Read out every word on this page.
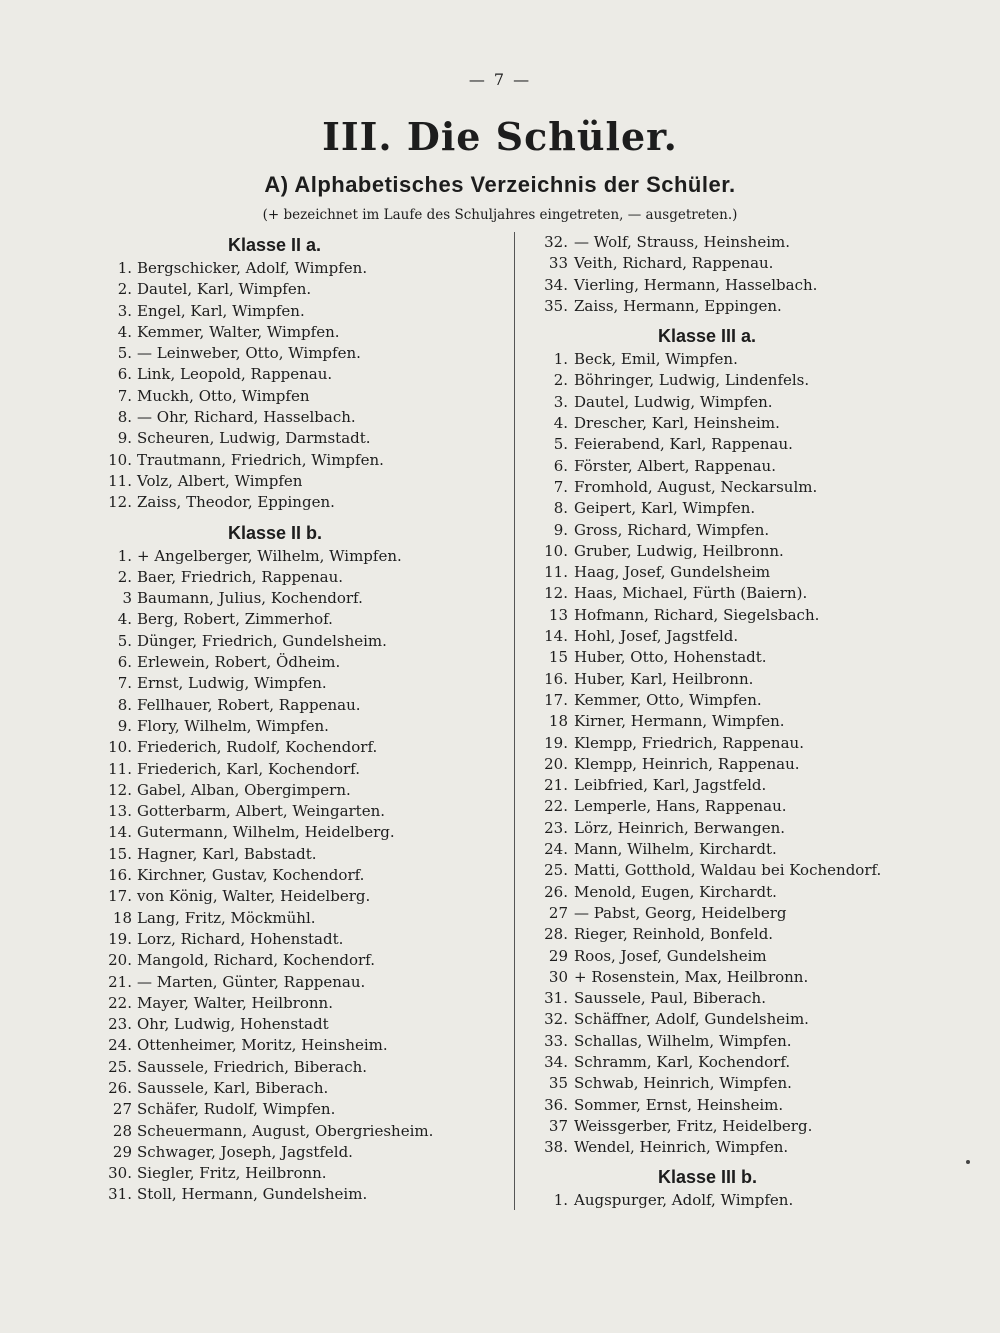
— 7 —
III. Die Schüler.
A) Alphabetisches Verzeichnis der Schüler.
(+ bezeichnet im Laufe des Schuljahres eingetreten, — ausgetreten.)
Klasse II a.
1. Bergschicker, Adolf, Wimpfen.
2. Dautel, Karl, Wimpfen.
3. Engel, Karl, Wimpfen.
4. Kemmer, Walter, Wimpfen.
5. — Leinweber, Otto, Wimpfen.
6. Link, Leopold, Rappenau.
7. Muckh, Otto, Wimpfen
8. — Ohr, Richard, Hasselbach.
9. Scheuren, Ludwig, Darmstadt.
10. Trautmann, Friedrich, Wimpfen.
11. Volz, Albert, Wimpfen
12. Zaiss, Theodor, Eppingen.
Klasse II b.
1. + Angelberger, Wilhelm, Wimpfen.
2. Baer, Friedrich, Rappenau.
3 Baumann, Julius, Kochendorf.
4. Berg, Robert, Zimmerhof.
5. Dünger, Friedrich, Gundelsheim.
6. Erlewein, Robert, Ödheim.
7. Ernst, Ludwig, Wimpfen.
8. Fellhauer, Robert, Rappenau.
9. Flory, Wilhelm, Wimpfen.
10. Friederich, Rudolf, Kochendorf.
11. Friederich, Karl, Kochendorf.
12. Gabel, Alban, Obergimpern.
13. Gotterbarm, Albert, Weingarten.
14. Gutermann, Wilhelm, Heidelberg.
15. Hagner, Karl, Babstadt.
16. Kirchner, Gustav, Kochendorf.
17. von König, Walter, Heidelberg.
18 Lang, Fritz, Möckmühl.
19. Lorz, Richard, Hohenstadt.
20. Mangold, Richard, Kochendorf.
21. — Marten, Günter, Rappenau.
22. Mayer, Walter, Heilbronn.
23. Ohr, Ludwig, Hohenstadt
24. Ottenheimer, Moritz, Heinsheim.
25. Saussele, Friedrich, Biberach.
26. Saussele, Karl, Biberach.
27 Schäfer, Rudolf, Wimpfen.
28 Scheuermann, August, Obergriesheim.
29 Schwager, Joseph, Jagstfeld.
30. Siegler, Fritz, Heilbronn.
31. Stoll, Hermann, Gundelsheim.
32. — Wolf, Strauss, Heinsheim.
33 Veith, Richard, Rappenau.
34. Vierling, Hermann, Hasselbach.
35. Zaiss, Hermann, Eppingen.
Klasse III a.
1. Beck, Emil, Wimpfen.
2. Böhringer, Ludwig, Lindenfels.
3. Dautel, Ludwig, Wimpfen.
4. Drescher, Karl, Heinsheim.
5. Feierabend, Karl, Rappenau.
6. Förster, Albert, Rappenau.
7. Fromhold, August, Neckarsulm.
8. Geipert, Karl, Wimpfen.
9. Gross, Richard, Wimpfen.
10. Gruber, Ludwig, Heilbronn.
11. Haag, Josef, Gundelsheim
12. Haas, Michael, Fürth (Baiern).
13 Hofmann, Richard, Siegelsbach.
14. Hohl, Josef, Jagstfeld.
15 Huber, Otto, Hohenstadt.
16. Huber, Karl, Heilbronn.
17. Kemmer, Otto, Wimpfen.
18 Kirner, Hermann, Wimpfen.
19. Klempp, Friedrich, Rappenau.
20. Klempp, Heinrich, Rappenau.
21. Leibfried, Karl, Jagstfeld.
22. Lemperle, Hans, Rappenau.
23. Lörz, Heinrich, Berwangen.
24. Mann, Wilhelm, Kirchardt.
25. Matti, Gotthold, Waldau bei Kochendorf.
26. Menold, Eugen, Kirchardt.
27 — Pabst, Georg, Heidelberg
28. Rieger, Reinhold, Bonfeld.
29 Roos, Josef, Gundelsheim
30 + Rosenstein, Max, Heilbronn.
31. Saussele, Paul, Biberach.
32. Schäffner, Adolf, Gundelsheim.
33. Schallas, Wilhelm, Wimpfen.
34. Schramm, Karl, Kochendorf.
35 Schwab, Heinrich, Wimpfen.
36. Sommer, Ernst, Heinsheim.
37 Weissgerber, Fritz, Heidelberg.
38. Wendel, Heinrich, Wimpfen.
Klasse III b.
1. Augspurger, Adolf, Wimpfen.
